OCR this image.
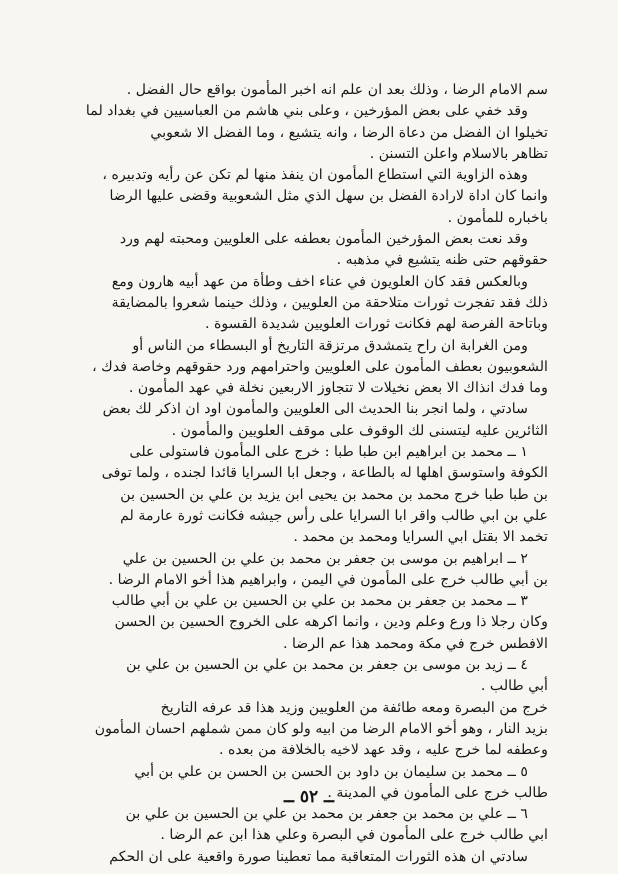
سم الامام الرضا ، وذلك بعد ان علم انه اخبر المأمون بواقع حال الفضل .
وقد خفي على بعض المؤرخين ، وعلى بني هاشم من العباسيين في بغداد لما
تخيلوا ان الفضل من دعاة الرضا ، وانه يتشيع ، وما الفضل الا شعوبي
تظاهر بالاسلام واعلن التسنن .
وهذه الزاوية التي استطاع المأمون ان ينفذ منها لم تكن عن رأيه وتدبيره ،
وانما كان اداة لارادة الفضل بن سهل الذي مثل الشعوبية وقضى عليها الرضا
باخباره للمأمون .
وقد نعت بعض المؤرخين المأمون بعطفه على العلويين ومحبته لهم ورد
حقوقهم حتى ظنه يتشيع في مذهبه .
وبالعكس فقد كان العلويون في عناء اخف وطأة من عهد أبيه هارون ومع
ذلك فقد تفجرت ثورات متلاحقة من العلويين ، وذلك حينما شعروا بالمضايقة
وباتاحة الفرصة لهم فكانت ثورات العلويين شديدة القسوة .
ومن الغرابة ان راح يتمشدق مرتزقة التاريخ أو البسطاء من الناس أو
الشعوبيون بعطف المأمون على العلويين واحترامهم ورد حقوقهم وخاصة فدك ،
وما فدك انذاك الا بعض نخيلات لا تتجاوز الاربعين نخلة في عهد المأمون .
سادتي ، ولما انجر بنا الحديث الى العلويين والمأمون اود ان اذكر لك بعض
الثائرين عليه ليتسنى لك الوقوف على موقف العلويين والمأمون .
١ ــ محمد بن ابراهيم ابن طبا طبا : خرج على المأمون فاستولى على
الكوفة واستوسق اهلها له بالطاعة ، وجعل ابا السرايا قائدا لجنده ، ولما توفى
بن طبا طبا خرج محمد بن محمد بن يحيى ابن يزيد بن علي بن الحسين بن
علي بن ابي طالب واقر ابا السرايا على رأس جيشه فكانت ثورة عارمة لم
تخمد الا بقتل ابي السرايا ومحمد بن محمد .
٢ ــ ابراهيم بن موسى بن جعفر بن محمد بن علي بن الحسين بن علي
بن أبي طالب خرج على المأمون في اليمن ، وابراهيم هذا أخو الامام الرضا .
٣ ــ محمد بن جعفر بن محمد بن علي بن الحسين بن علي بن أبي طالب
وكان رجلا ذا ورع وعلم ودين ، وانما اكرهه على الخروج الحسين بن الحسن
الافطس خرج في مكة ومحمد هذا عم الرضا .
٤ ــ زيد بن موسى بن جعفر بن محمد بن علي بن الحسين بن علي بن
أبي طالب .
خرج من البصرة ومعه طائفة من العلويين وزيد هذا قد عرفه التاريخ
بزيد النار ، وهو أخو الامام الرضا من ابيه ولو كان ممن شملهم احسان المأمون
وعطفه لما خرج عليه ، وقد عهد لاخيه بالخلافة من بعده .
٥ ــ محمد بن سليمان بن داود بن الحسن بن الحسن بن علي بن أبي
طالب خرج على المأمون في المدينة .
٦ ــ علي بن محمد بن جعفر بن محمد بن علي بن الحسين بن علي بن
ابي طالب خرج على المأمون في البصرة وعلي هذا ابن عم الرضا .
سادتي ان هذه الثورات المتعاقبة مما تعطينا صورة واقعية على ان الحكم
ــ ٥٢ ــ
